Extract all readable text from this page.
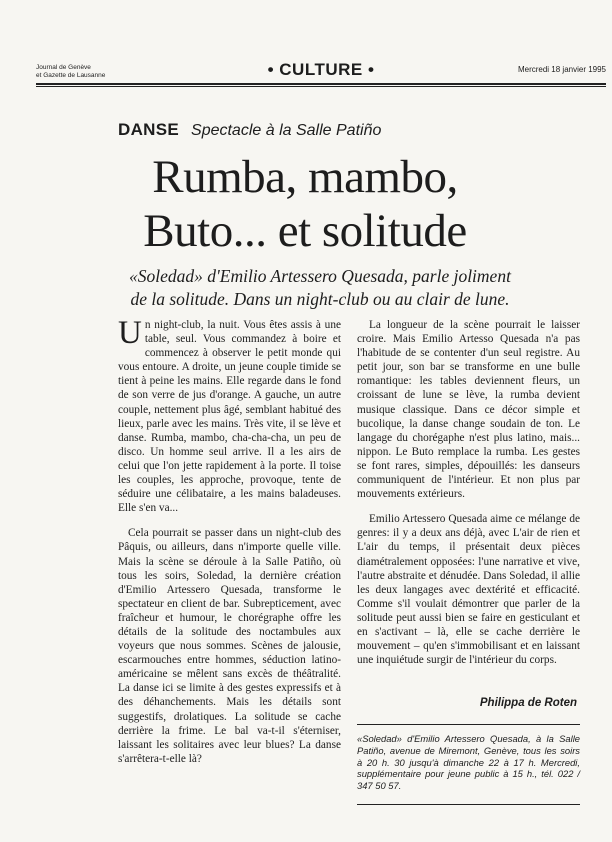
Journal de Genève
et Gazette de Lausanne	• CULTURE •	Mercredi 18 janvier 1995
DANSE Spectacle à la Salle Patiño
Rumba, mambo,
Buto... et solitude
«Soledad» d'Emilio Artessero Quesada, parle joliment
de la solitude. Dans un night-club ou au clair de lune.

Un night-club, la nuit. Vous êtes assis à une table, seul. Vous commandez à boire et commencez à observer le petit monde qui vous entoure. A droite, un jeune couple timide se tient à peine les mains. Elle regarde dans le fond de son verre de jus d'orange. A gauche, un autre couple, nettement plus âgé, semblant habitué des lieux, parle avec les mains. Très vite, il se lève et danse. Rumba, mambo, cha-cha-cha, un peu de disco. Un homme seul arrive. Il a les airs de celui que l'on jette rapidement à la porte. Il toise les couples, les approche, provoque, tente de séduire une célibataire, a les mains baladeuses. Elle s'en va...

Cela pourrait se passer dans un night-club des Pâquis, ou ailleurs, dans n'importe quelle ville. Mais la scène se déroule à la Salle Patiño, où tous les soirs, Soledad, la dernière création d'Emilio Artessero Quesada, transforme le spectateur en client de bar. Subrepticement, avec fraîcheur et humour, le chorégraphe offre les détails de la solitude des noctambules aux voyeurs que nous sommes. Scènes de jalousie, escarmouches entre hommes, séduction latino-américaine se mêlent sans excès de théâtralité. La danse ici se limite à des gestes expressifs et à des déhanchements. Mais les détails sont suggestifs, drolatiques. La solitude se cache derrière la frime. Le bal va-t-il s'éterniser, laissant les solitaires avec leur blues? La danse s'arrêtera-t-elle là?

La longueur de la scène pourrait le laisser croire. Mais Emilio Artesso Quesada n'a pas l'habitude de se contenter d'un seul registre. Au petit jour, son bar se transforme en une bulle romantique: les tables deviennent fleurs, un croissant de lune se lève, la rumba devient musique classique. Dans ce décor simple et bucolique, la danse change soudain de ton. Le langage du chorégaphe n'est plus latino, mais... nippon. Le Buto remplace la rumba. Les gestes se font rares, simples, dépouillés: les danseurs communiquent de l'intérieur. Et non plus par mouvements extérieurs.

Emilio Artessero Quesada aime ce mélange de genres: il y a deux ans déjà, avec L'air de rien et L'air du temps, il présentait deux pièces diamétralement opposées: l'une narrative et vive, l'autre abstraite et dénudée. Dans Soledad, il allie les deux langages avec dextérité et efficacité. Comme s'il voulait démontrer que parler de la solitude peut aussi bien se faire en gesticulant et en s'activant – là, elle se cache derrière le mouvement – qu'en s'immobilisant et en laissant une inquiétude surgir de l'intérieur du corps.

Philippa de Roten
«Soledad» d'Emilio Artessero Quesada, à la Salle Patiño, avenue de Miremont, Genève, tous les soirs à 20 h. 30 jusqu'à dimanche 22 à 17 h. Mercredi, supplémentaire pour jeune public à 15 h., tél. 022 / 347 50 57.
